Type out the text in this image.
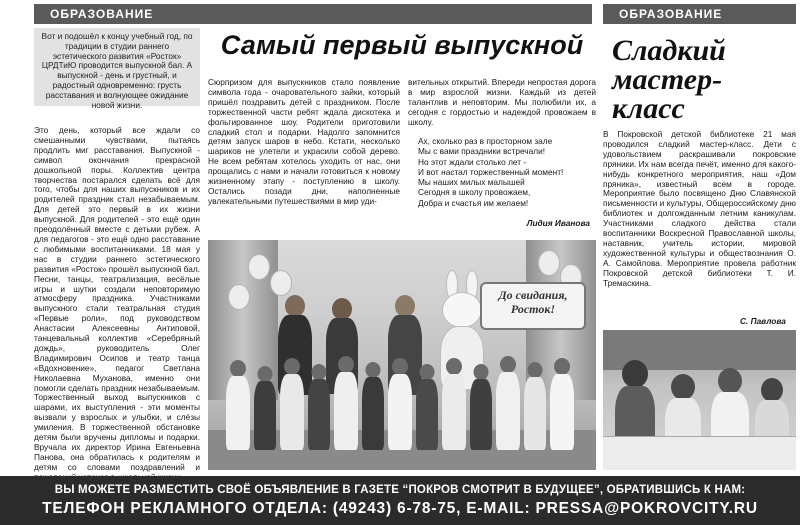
ОБРАЗОВАНИЕ	ОБРАЗОВАНИЕ
Вот и подошёл к концу учебный год, по традиции в студии раннего эстетического развития «Росток» ЦРДТиЮ проводится выпускной бал. А выпускной - день и грустный, и радостный одновременно: грусть расставания и волнующее ожидание новой жизни.
Самый первый выпускной
Это день, который все ждали со смешанными чувствами, пытаясь продлить миг расставания. Выпускной - символ окончания прекрасной дошкольной поры. Коллектив центра творчества постарался сделать всё для того, чтобы для наших выпускников и их родителей праздник стал незабываемым. Для детей это первый в их жизни выпускной. Для родителей - это ещё один преодолённый вместе с детьми рубеж. А для педагогов - это ещё одно расставание с любимыми воспитанниками. 18 мая у нас в студии раннего эстетического развития «Росток» прошёл выпускной бал. Песни, танцы, театрализация, весёлые игры и шутки создали неповторимую атмосферу праздника. Участниками выпускного стали театральная студия «Первые роли», под руководством Анастасии Алексеевны Антиповой, танцевальный коллектив «Серебряный дождь», руководитель Олег Владимирович Осипов и театр танца «Вдохновение», педагог Светлана Николаевна Муханова, именно они помогли сделать праздник незабываемым. Торжественный выход выпускников с шарами, их выступления - эти моменты вызвали у взрослых и улыбки, и слёзы умиления. В торжественной обстановке детям были вручены дипломы и подарки. Вручала их директор Ирина Евгеньевна Панова, она обратилась к родителям и детям со словами поздравлений и
Сюрпризом для выпускников стало появление символа года - очаровательного зайки, который пришёл поздравить детей с праздником. После торжественной части ребят ждала дискотека и фольгированное шоу. Родители приготовили сладкий стол и подарки. Надолго запомнится детям запуск шаров в небо. Кстати, несколько шариков не улетели и украсили собой дерево. Не всем ребятам хотелось уходить от нас, они прощались с нами и начали готовиться к новому жизненному этапу - поступлению в школу. Остались позади дни, наполненные увлекательными путешествиями в мир уди-
вительных открытий. Впереди непростая дорога в мир взрослой жизни. Каждый из детей талантлив и неповторим. Мы полюбили их, а сегодня с гордостью и надеждой провожаем в школу.
Ах, сколько раз в просторном зале
Мы с вами праздники встречали!
Но этот ждали столько лет -
И вот настал торжественный момент!
Мы наших милых малышей
Сегодня в школу провожаем,
Добра и счастья им желаем!
Лидия Иванова
До свидания, Росток!
Сладкий
мастер-
класс
В Покровской детской библиотеке 21 мая проводился сладкий мастер-класс. Дети с удовольствием раскрашивали покровские пряники. Их нам всегда печёт, именно для какого-нибудь конкретного мероприятия, наш «Дом пряника», известный всем в городе. Мероприятие было посвящено Дню Славянской письменности и культуры, Общероссийскому дню библиотек и долгожданным летним каникулам. Участниками сладкого действа стали воспитанники Воскресной Православной школы, наставник, учитель истории, мировой художественной культуры и обществознания О. А. Самойлова. Мероприятие провела работник Покровской детской библиотеки Т. И. Тремаскина.
С. Павлова
ВЫ МОЖЕТЕ РАЗМЕСТИТЬ СВОЁ ОБЪЯВЛЕНИЕ В ГАЗЕТЕ “ПОКРОВ СМОТРИТ В БУДУЩЕЕ”, ОБРАТИВШИСЬ К НАМ:
ТЕЛЕФОН РЕКЛАМНОГО ОТДЕЛА: (49243) 6-78-75, E-MAIL: PRESSA@POKROVCITY.RU
